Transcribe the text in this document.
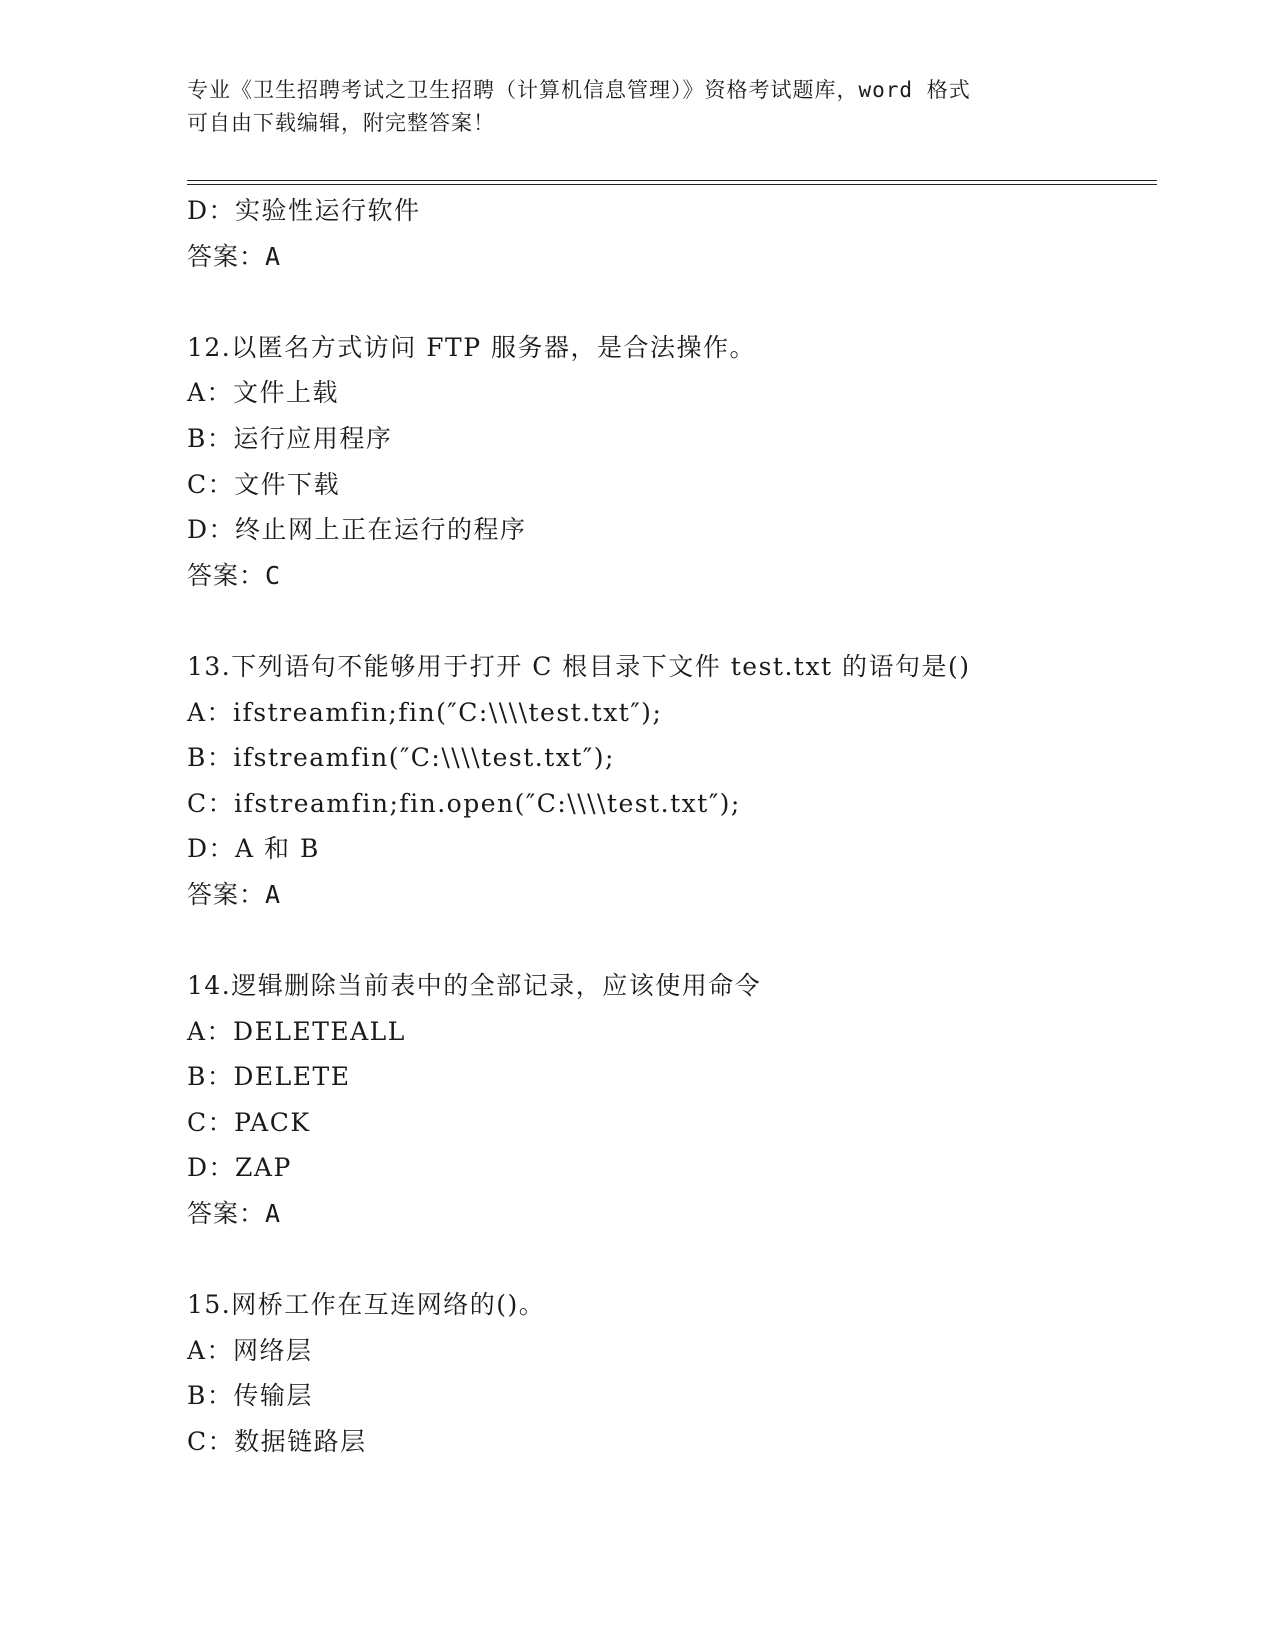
专业《卫生招聘考试之卫生招聘（计算机信息管理）》资格考试题库，word 格式
可自由下载编辑，附完整答案！
D：实验性运行软件
答案：A
12.以匿名方式访问 FTP 服务器，是合法操作。
A：文件上载
B：运行应用程序
C：文件下载
D：终止网上正在运行的程序
答案：C
13.下列语句不能够用于打开 C 根目录下文件 test.txt 的语句是()
A：ifstreamfin;fin(″C:\\\\test.txt″);
B：ifstreamfin(″C:\\\\test.txt″);
C：ifstreamfin;fin.open(″C:\\\\test.txt″);
D：A 和 B
答案：A
14.逻辑删除当前表中的全部记录，应该使用命令
A：DELETEALL
B：DELETE
C：PACK
D：ZAP
答案：A
15.网桥工作在互连网络的()。
A：网络层
B：传输层
C：数据链路层
